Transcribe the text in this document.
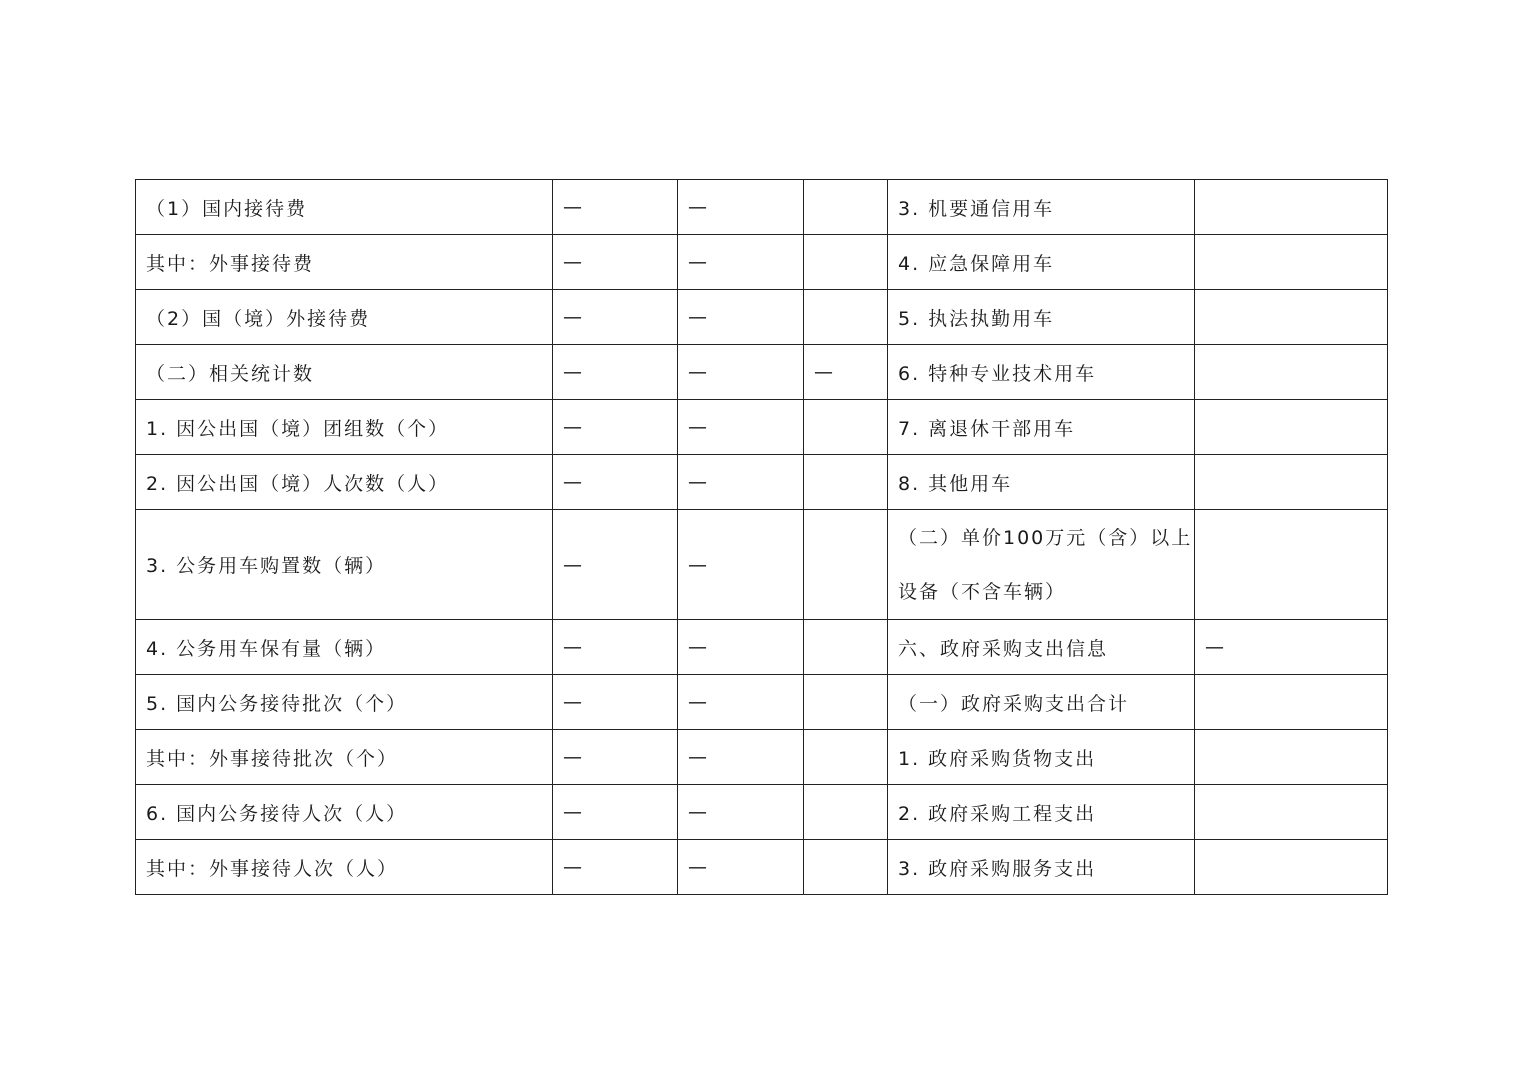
（1）国内接待费	—	—		3. 机要通信用车	
其中：外事接待费	—	—		4. 应急保障用车	
（2）国（境）外接待费	—	—		5. 执法执勤用车	
（二）相关统计数	—	—	—	6. 特种专业技术用车	
1. 因公出国（境）团组数（个）	—	—		7. 离退休干部用车	
2. 因公出国（境）人次数（人）	—	—		8. 其他用车	
3. 公务用车购置数（辆）	—	—		（二）单价100万元（含）以上
设备（不含车辆）	
4. 公务用车保有量（辆）	—	—		六、政府采购支出信息	—
5. 国内公务接待批次（个）	—	—		（一）政府采购支出合计	
其中：外事接待批次（个）	—	—		1. 政府采购货物支出	
6. 国内公务接待人次（人）	—	—		2. 政府采购工程支出	
其中：外事接待人次（人）	—	—		3. 政府采购服务支出	
